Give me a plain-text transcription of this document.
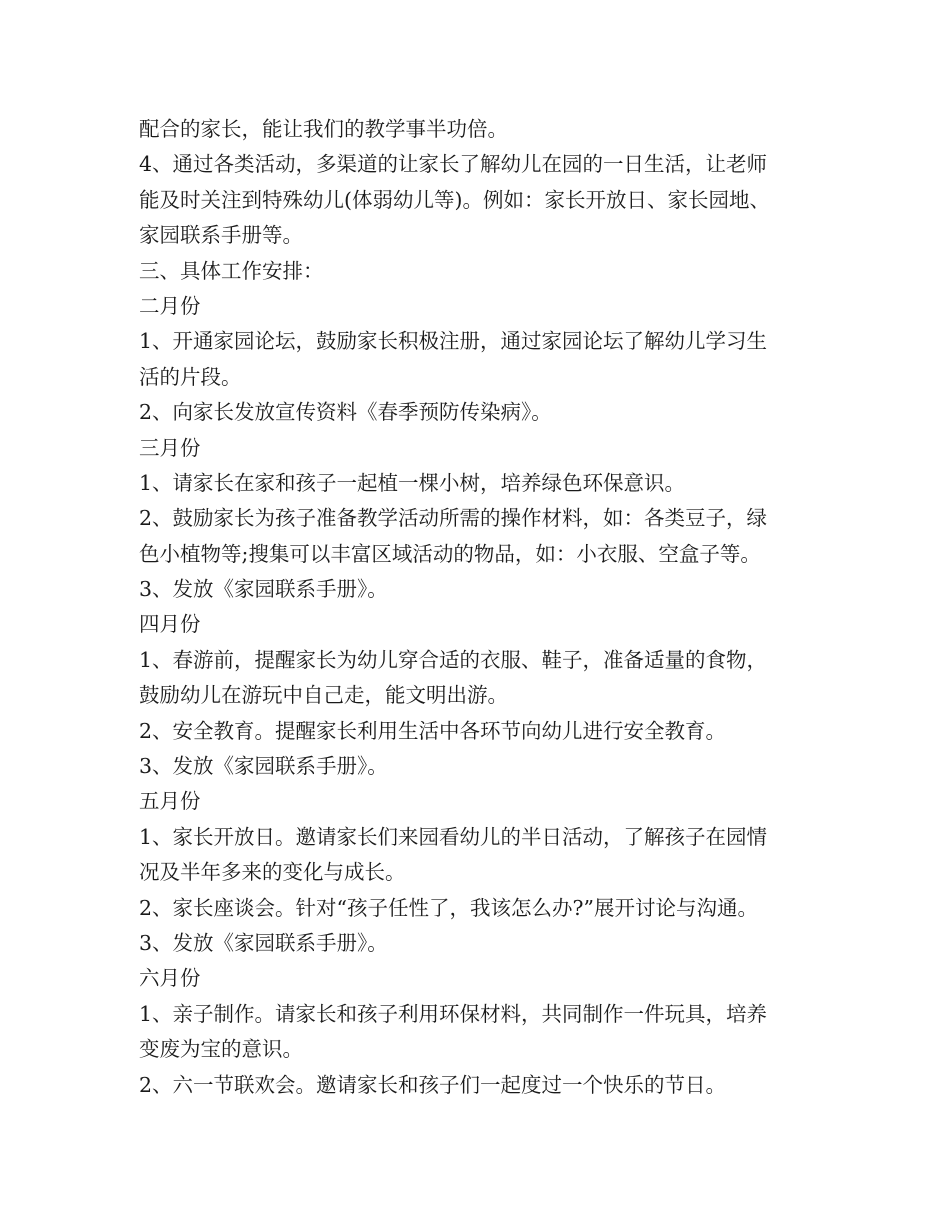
配合的家长，能让我们的教学事半功倍。
4、通过各类活动，多渠道的让家长了解幼儿在园的一日生活，让老师
能及时关注到特殊幼儿(体弱幼儿等)。例如：家长开放日、家长园地、
家园联系手册等。
三、具体工作安排：
二月份
1、开通家园论坛，鼓励家长积极注册，通过家园论坛了解幼儿学习生
活的片段。
2、向家长发放宣传资料《春季预防传染病》。
三月份
1、请家长在家和孩子一起植一棵小树，培养绿色环保意识。
2、鼓励家长为孩子准备教学活动所需的操作材料，如：各类豆子，绿
色小植物等;搜集可以丰富区域活动的物品，如：小衣服、空盒子等。
3、发放《家园联系手册》。
四月份
1、春游前，提醒家长为幼儿穿合适的衣服、鞋子，准备适量的食物，
鼓励幼儿在游玩中自己走，能文明出游。
2、安全教育。提醒家长利用生活中各环节向幼儿进行安全教育。
3、发放《家园联系手册》。
五月份
1、家长开放日。邀请家长们来园看幼儿的半日活动，了解孩子在园情
况及半年多来的变化与成长。
2、家长座谈会。针对“孩子任性了，我该怎么办?”展开讨论与沟通。
3、发放《家园联系手册》。
六月份
1、亲子制作。请家长和孩子利用环保材料，共同制作一件玩具，培养
变废为宝的意识。
2、六一节联欢会。邀请家长和孩子们一起度过一个快乐的节日。
